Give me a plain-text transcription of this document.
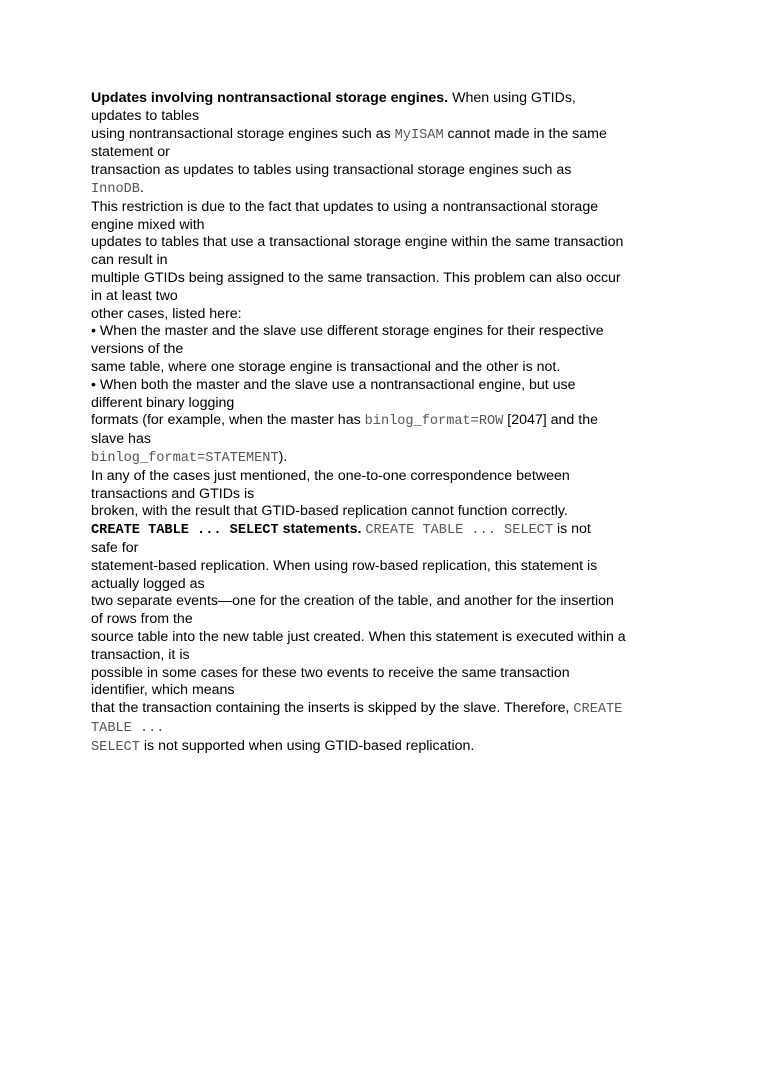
Updates involving nontransactional storage engines. When using GTIDs,
updates to tables
using nontransactional storage engines such as MyISAM cannot made in the same
statement or
transaction as updates to tables using transactional storage engines such as
InnoDB.
This restriction is due to the fact that updates to using a nontransactional storage
engine mixed with
updates to tables that use a transactional storage engine within the same transaction
can result in
multiple GTIDs being assigned to the same transaction. This problem can also occur
in at least two
other cases, listed here:
• When the master and the slave use different storage engines for their respective
versions of the
same table, where one storage engine is transactional and the other is not.
• When both the master and the slave use a nontransactional engine, but use
different binary logging
formats (for example, when the master has binlog_format=ROW [2047] and the
slave has
binlog_format=STATEMENT).
In any of the cases just mentioned, the one-to-one correspondence between
transactions and GTIDs is
broken, with the result that GTID-based replication cannot function correctly.
CREATE TABLE ... SELECT statements. CREATE TABLE ... SELECT is not
safe for
statement-based replication. When using row-based replication, this statement is
actually logged as
two separate events—one for the creation of the table, and another for the insertion
of rows from the
source table into the new table just created. When this statement is executed within a
transaction, it is
possible in some cases for these two events to receive the same transaction
identifier, which means
that the transaction containing the inserts is skipped by the slave. Therefore, CREATE
TABLE ...
SELECT is not supported when using GTID-based replication.
